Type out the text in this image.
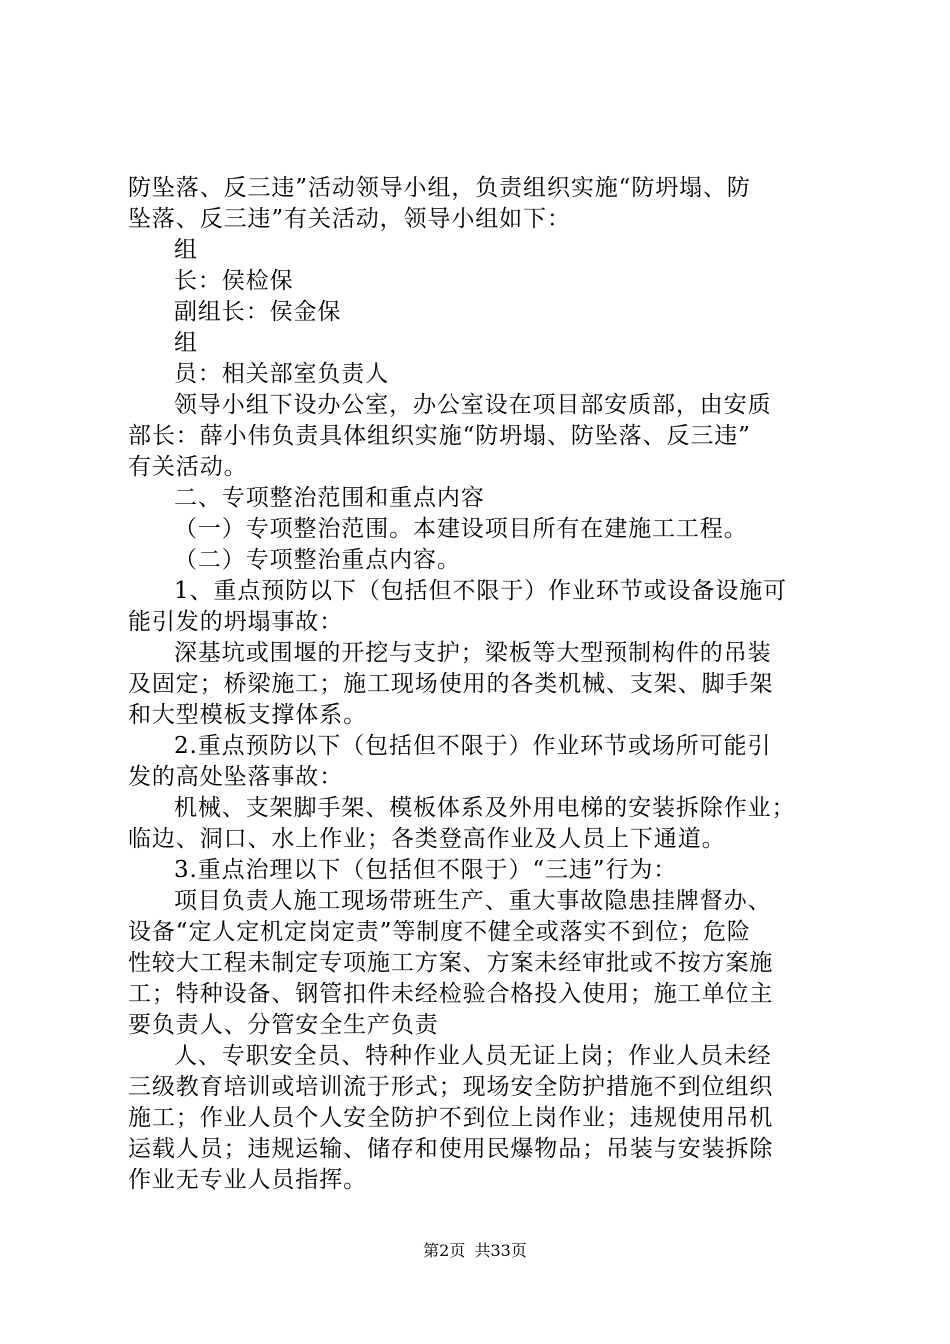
防坠落、反三违”活动领导小组，负责组织实施“防坍塌、防
坠落、反三违”有关活动，领导小组如下：
组
长：侯检保
副组长：侯金保
组
员：相关部室负责人
领导小组下设办公室，办公室设在项目部安质部，由安质
部长：薛小伟负责具体组织实施“防坍塌、防坠落、反三违”
有关活动。
二、专项整治范围和重点内容
（一）专项整治范围。本建设项目所有在建施工工程。
（二）专项整治重点内容。
1、重点预防以下（包括但不限于）作业环节或设备设施可
能引发的坍塌事故：
深基坑或围堰的开挖与支护；梁板等大型预制构件的吊装
及固定；桥梁施工；施工现场使用的各类机械、支架、脚手架
和大型模板支撑体系。
2.重点预防以下（包括但不限于）作业环节或场所可能引
发的高处坠落事故：
机械、支架脚手架、模板体系及外用电梯的安装拆除作业；
临边、洞口、水上作业；各类登高作业及人员上下通道。
3.重点治理以下（包括但不限于）“三违”行为：
项目负责人施工现场带班生产、重大事故隐患挂牌督办、
设备“定人定机定岗定责”等制度不健全或落实不到位；危险
性较大工程未制定专项施工方案、方案未经审批或不按方案施
工；特种设备、钢管扣件未经检验合格投入使用；施工单位主
要负责人、分管安全生产负责
人、专职安全员、特种作业人员无证上岗；作业人员未经
三级教育培训或培训流于形式；现场安全防护措施不到位组织
施工；作业人员个人安全防护不到位上岗作业；违规使用吊机
运载人员；违规运输、储存和使用民爆物品；吊装与安装拆除
作业无专业人员指挥。
第2页 共33页
